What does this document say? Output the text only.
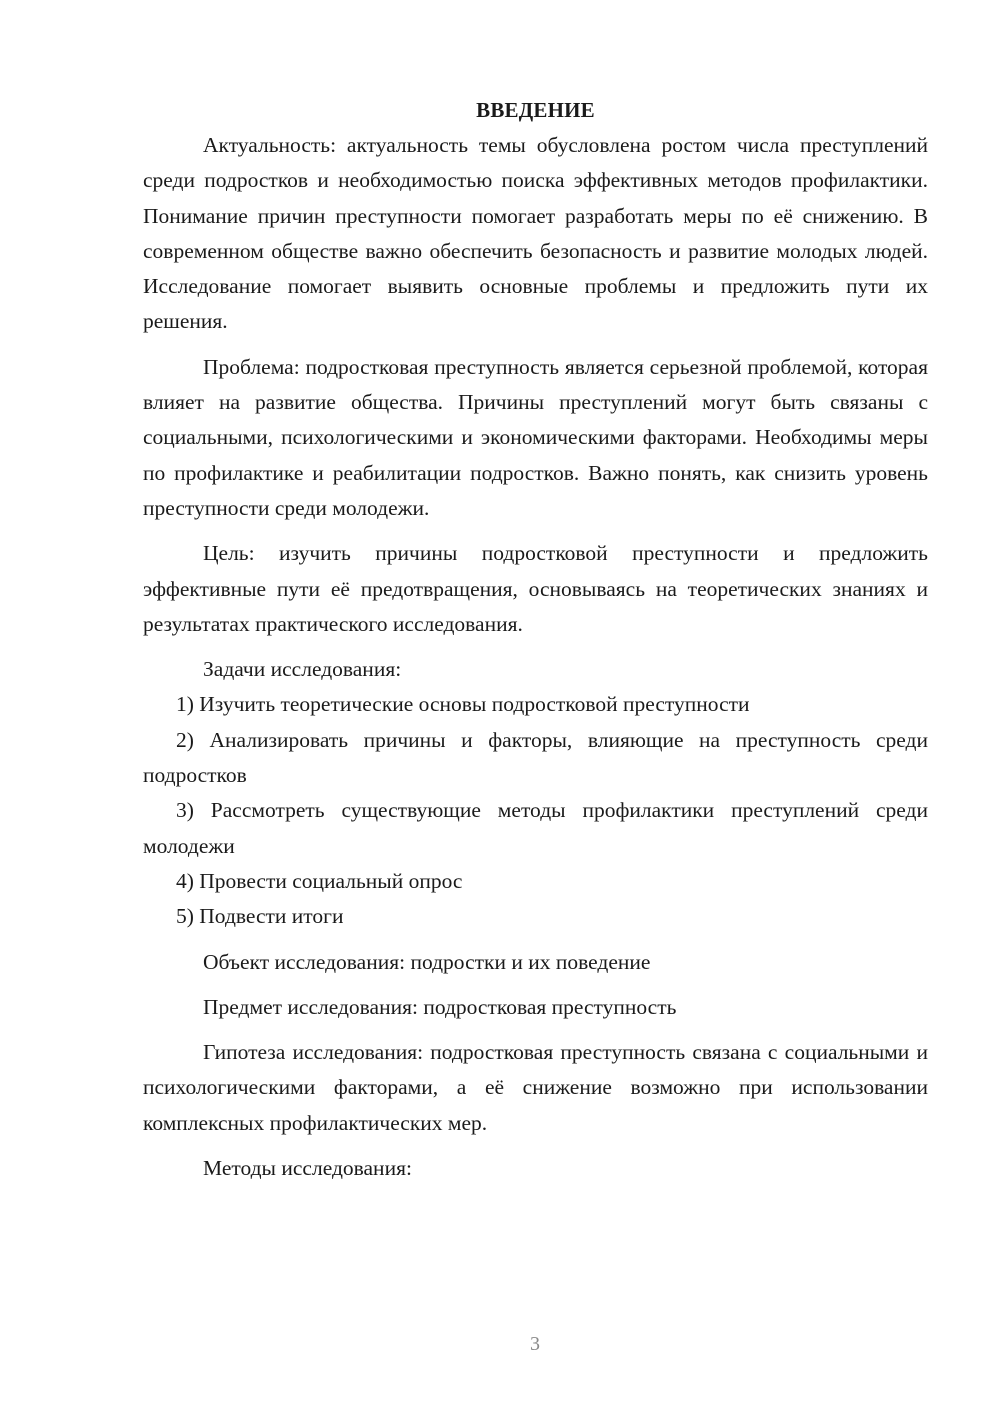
ВВЕДЕНИЕ

Актуальность: актуальность темы обусловлена ростом числа преступлений среди подростков и необходимостью поиска эффективных методов профилактики. Понимание причин преступности помогает разработать меры по её снижению. В современном обществе важно обеспечить безопасность и развитие молодых людей. Исследование помогает выявить основные проблемы и предложить пути их решения.

Проблема: подростковая преступность является серьезной проблемой, которая влияет на развитие общества. Причины преступлений могут быть связаны с социальными, психологическими и экономическими факторами. Необходимы меры по профилактике и реабилитации подростков. Важно понять, как снизить уровень преступности среди молодежи.

Цель: изучить причины подростковой преступности и предложить эффективные пути её предотвращения, основываясь на теоретических знаниях и результатах практического исследования.

Задачи исследования:

1) Изучить теоретические основы подростковой преступности

2) Анализировать причины и факторы, влияющие на преступность среди подростков

3) Рассмотреть существующие методы профилактики преступлений среди молодежи

4) Провести социальный опрос

5) Подвести итоги

Объект исследования: подростки и их поведение

Предмет исследования: подростковая преступность

Гипотеза исследования: подростковая преступность связана с социальными и психологическими факторами, а её снижение возможно при использовании комплексных профилактических мер.

Методы исследования:

3
